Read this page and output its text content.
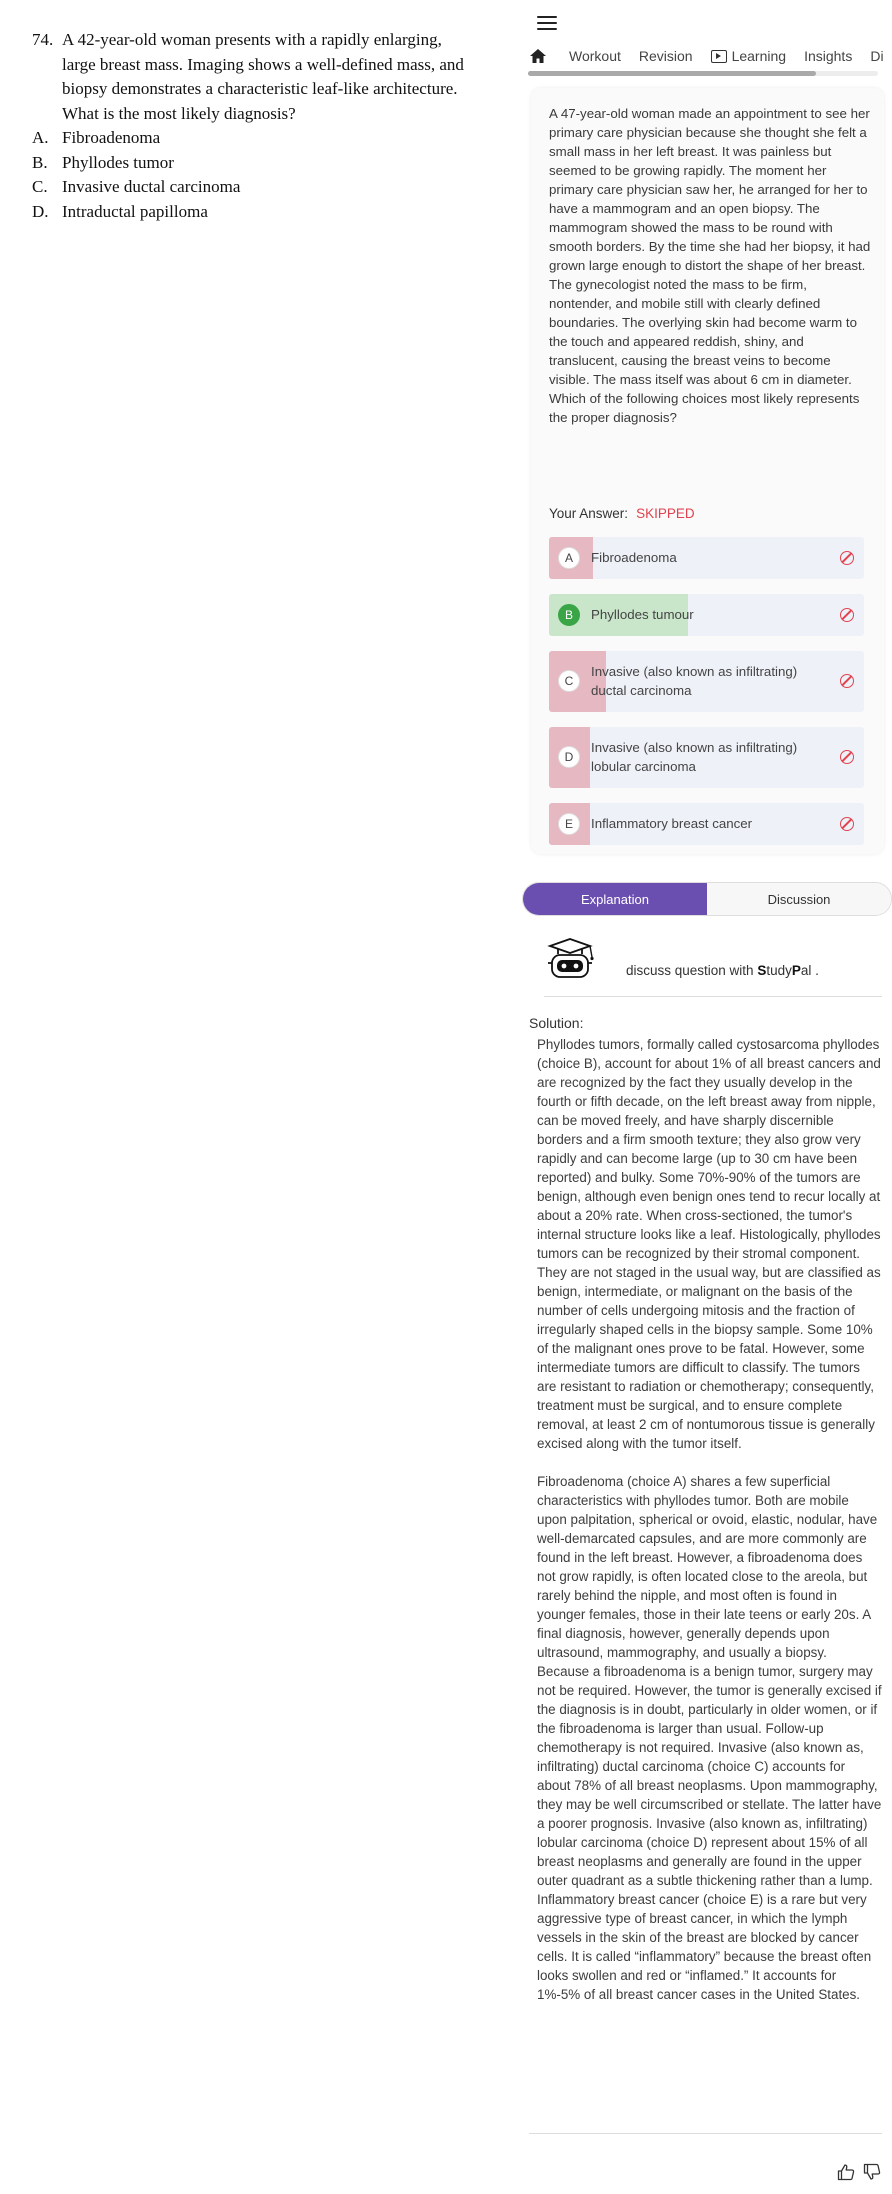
74. A 42-year-old woman presents with a rapidly enlarging, large breast mass. Imaging shows a well-defined mass, and biopsy demonstrates a characteristic leaf-like architecture. What is the most likely diagnosis?
A. Fibroadenoma
B. Phyllodes tumor
C. Invasive ductal carcinoma
D. Intraductal papilloma
Workout Revision	Learning Insights Di
A 47-year-old woman made an appointment to see her primary care physician because she thought she felt a small mass in her left breast. It was painless but seemed to be growing rapidly. The moment her primary care physician saw her, he arranged for her to have a mammogram and an open biopsy. The mammogram showed the mass to be round with smooth borders. By the time she had her biopsy, it had grown large enough to distort the shape of her breast. The gynecologist noted the mass to be firm, nontender, and mobile still with clearly defined boundaries. The overlying skin had become warm to the touch and appeared reddish, shiny, and translucent, causing the breast veins to become visible. The mass itself was about 6 cm in diameter. Which of the following choices most likely represents the proper diagnosis?
Your Answer: SKIPPED
A	Fibroadenoma
B	Phyllodes tumour
C
Invasive (also known as infiltrating) ductal carcinoma
D
Invasive (also known as infiltrating) lobular carcinoma
E	Inflammatory breast cancer
Explanation	Discussion
discuss question with StudyPal .
Solution:

Phyllodes tumors, formally called cystosarcoma phyllodes (choice B), account for about 1% of all breast cancers and are recognized by the fact they usually develop in the fourth or fifth decade, on the left breast away from nipple, can be moved freely, and have sharply discernible borders and a firm smooth texture; they also grow very rapidly and can become large (up to 30 cm have been reported) and bulky. Some 70%-90% of the tumors are benign, although even benign ones tend to recur locally at about a 20% rate. When cross-sectioned, the tumor's internal structure looks like a leaf. Histologically, phyllodes tumors can be recognized by their stromal component. They are not staged in the usual way, but are classified as benign, intermediate, or malignant on the basis of the number of cells undergoing mitosis and the fraction of irregularly shaped cells in the biopsy sample. Some 10% of the malignant ones prove to be fatal. However, some intermediate tumors are difficult to classify. The tumors are resistant to radiation or chemotherapy; consequently, treatment must be surgical, and to ensure complete removal, at least 2 cm of nontumorous tissue is generally excised along with the tumor itself.

Fibroadenoma (choice A) shares a few superficial characteristics with phyllodes tumor. Both are mobile upon palpitation, spherical or ovoid, elastic, nodular, have well-demarcated capsules, and are more commonly are found in the left breast. However, a fibroadenoma does not grow rapidly, is often located close to the areola, but rarely behind the nipple, and most often is found in younger females, those in their late teens or early 20s. A final diagnosis, however, generally depends upon ultrasound, mammography, and usually a biopsy. Because a fibroadenoma is a benign tumor, surgery may not be required. However, the tumor is generally excised if the diagnosis is in doubt, particularly in older women, or if the fibroadenoma is larger than usual. Follow-up chemotherapy is not required. Invasive (also known as, infiltrating) ductal carcinoma (choice C) accounts for about 78% of all breast neoplasms. Upon mammography, they may be well circumscribed or stellate. The latter have a poorer prognosis. Invasive (also known as, infiltrating) lobular carcinoma (choice D) represent about 15% of all breast neoplasms and generally are found in the upper outer quadrant as a subtle thickening rather than a lump. Inflammatory breast cancer (choice E) is a rare but very aggressive type of breast cancer, in which the lymph vessels in the skin of the breast are blocked by cancer cells. It is called “inflammatory” because the breast often looks swollen and red or “inflamed.” It accounts for 1%-5% of all breast cancer cases in the United States.
